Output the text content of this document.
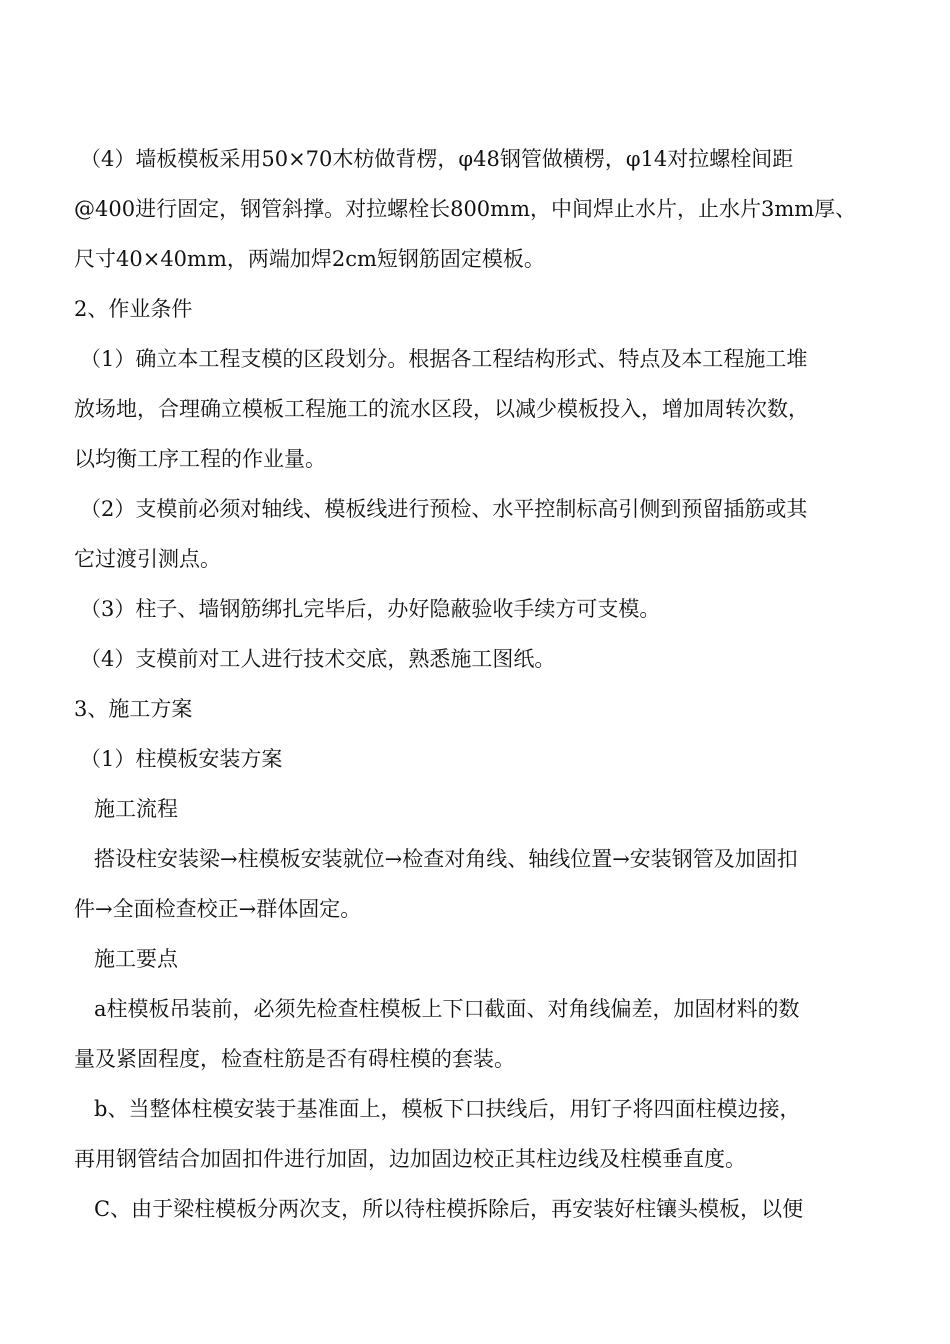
（4）墙板模板采用50×70木枋做背楞，φ48钢管做横楞，φ14对拉螺栓间距
@400进行固定，钢管斜撑。对拉螺栓长800mm，中间焊止水片，止水片3mm厚、
尺寸40×40mm，两端加焊2cm短钢筋固定模板。
2、作业条件
（1）确立本工程支模的区段划分。根据各工程结构形式、特点及本工程施工堆
放场地，合理确立模板工程施工的流水区段，以减少模板投入，增加周转次数，
以均衡工序工程的作业量。
（2）支模前必须对轴线、模板线进行预检、水平控制标高引侧到预留插筋或其
它过渡引测点。
（3）柱子、墙钢筋绑扎完毕后，办好隐蔽验收手续方可支模。
（4）支模前对工人进行技术交底，熟悉施工图纸。
3、施工方案
（1）柱模板安装方案
施工流程
搭设柱安装梁→柱模板安装就位→检查对角线、轴线位置→安装钢管及加固扣
件→全面检查校正→群体固定。
施工要点
a柱模板吊装前，必须先检查柱模板上下口截面、对角线偏差，加固材料的数
量及紧固程度，检查柱筋是否有碍柱模的套装。
b、当整体柱模安装于基准面上，模板下口扶线后，用钉子将四面柱模边接，
再用钢管结合加固扣件进行加固，边加固边校正其柱边线及柱模垂直度。
C、由于梁柱模板分两次支，所以待柱模拆除后，再安装好柱镶头模板，以便
